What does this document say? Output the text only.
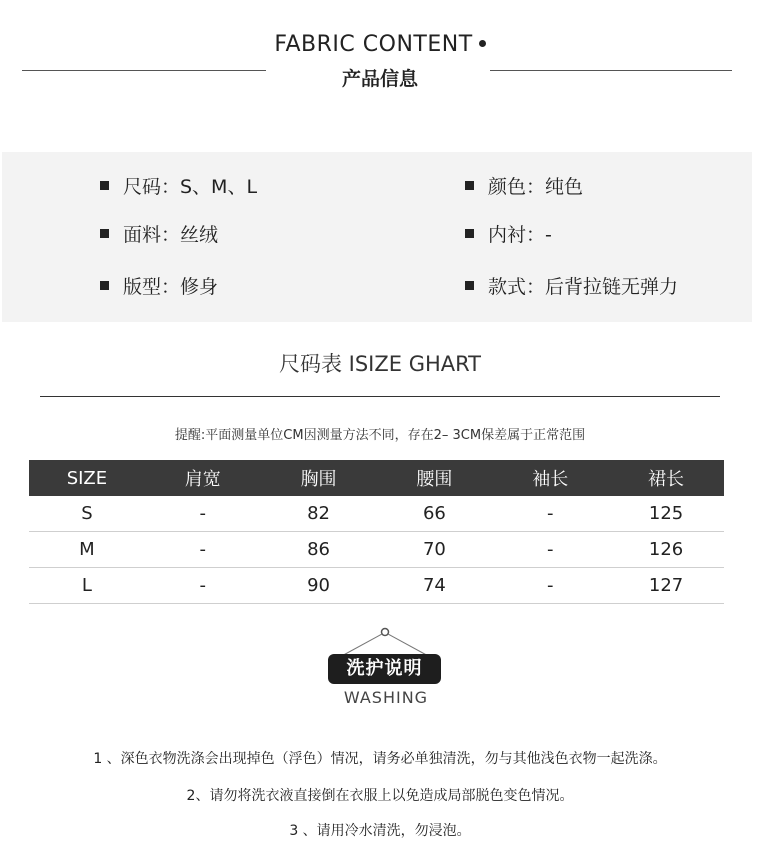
FABRIC CONTENT
产品信息
尺码：S、M、L	颜色：纯色
面料：丝绒	内衬：-
版型：修身	款式：后背拉链无弹力
尺码表 ISIZE GHART
提醒:平面测量单位CM因测量方法不同，存在2– 3CM保差属于正常范围
SIZE	肩宽	胸围	腰围	袖长	裙长
S	-	82	66	-	125
M	-	86	70	-	126
L	-	90	74	-	127
洗护说明
WASHING
1 、深色衣物洗涤会出现掉色（浮色）情况，请务必单独清洗，勿与其他浅色衣物一起洗涤。
2、请勿将洗衣液直接倒在衣服上以免造成局部脱色变色情况。
3 、请用冷水清洗，勿浸泡。
